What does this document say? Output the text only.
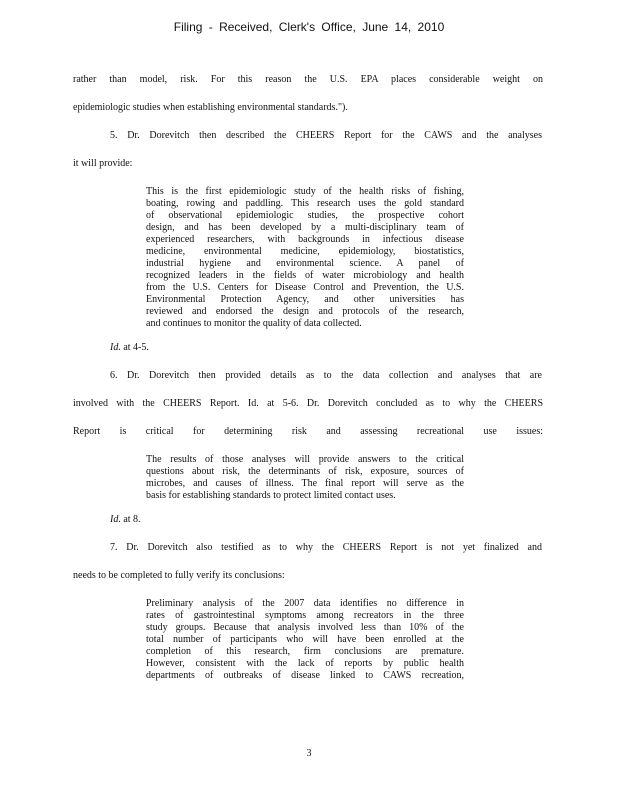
Filing - Received, Clerk's Office, June 14, 2010
rather than model, risk. For this reason the U.S. EPA places considerable weight on
epidemiologic studies when establishing environmental standards.").
5. Dr. Dorevitch then described the CHEERS Report for the CAWS and the analyses
it will provide:
This is the first epidemiologic study of the health risks of fishing,
boating, rowing and paddling. This research uses the gold standard
of observational epidemiologic studies, the prospective cohort
design, and has been developed by a multi-disciplinary team of
experienced researchers, with backgrounds in infectious disease
medicine, environmental medicine, epidemiology, biostatistics,
industrial hygiene and environmental science. A panel of
recognized leaders in the fields of water microbiology and health
from the U.S. Centers for Disease Control and Prevention, the U.S.
Environmental Protection Agency, and other universities has
reviewed and endorsed the design and protocols of the research,
and continues to monitor the quality of data collected.
Id. at 4-5.
6. Dr. Dorevitch then provided details as to the data collection and analyses that are
involved with the CHEERS Report. Id. at 5-6. Dr. Dorevitch concluded as to why the CHEERS
Report is critical for determining risk and assessing recreational use issues:
The results of those analyses will provide answers to the critical
questions about risk, the determinants of risk, exposure, sources of
microbes, and causes of illness. The final report will serve as the
basis for establishing standards to protect limited contact uses.
Id. at 8.
7. Dr. Dorevitch also testified as to why the CHEERS Report is not yet finalized and
needs to be completed to fully verify its conclusions:
Preliminary analysis of the 2007 data identifies no difference in
rates of gastrointestinal symptoms among recreators in the three
study groups. Because that analysis involved less than 10% of the
total number of participants who will have been enrolled at the
completion of this research, firm conclusions are premature.
However, consistent with the lack of reports by public health
departments of outbreaks of disease linked to CAWS recreation,
3
